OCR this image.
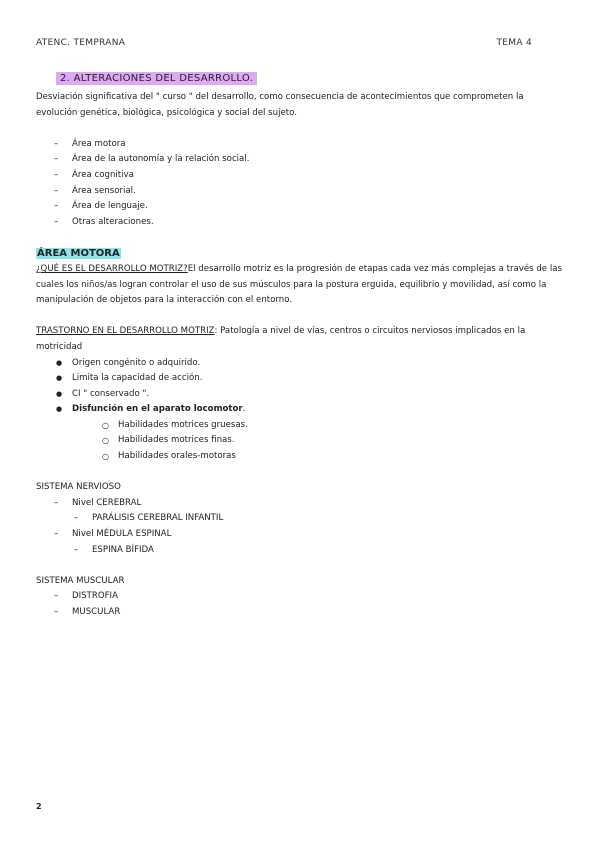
ATENC. TEMPRANA	TEMA 4
2. ALTERACIONES DEL DESARROLLO.

Desviación significativa del " curso " del desarrollo, como consecuencia de acontecimientos que comprometen la evolución genética, biológica, psicológica y social del sujeto.

– Área motora
– Área de la autonomía y la relación social.
– Área cognitiva
– Área sensorial.
– Área de lenguaje.
– Otras alteraciones.
ÁREA MOTORA

¿QUÉ ES EL DESARROLLO MOTRIZ?El desarrollo motriz es la progresión de etapas cada vez más complejas a través de las cuales los niños/as logran controlar el uso de sus músculos para la postura erguida, equilibrio y movilidad, así como la manipulación de objetos para la interacción con el entorno.

TRASTORNO EN EL DESARROLLO MOTRIZ: Patología a nivel de vías, centros o circuitos nerviosos implicados en la motricidad

● Origen congénito o adquirido.
● Limita la capacidad de acción.
● CI " conservado ".
● Disfunción en el aparato locomotor.
○ Habilidades motrices gruesas.
○ Habilidades motrices finas.
○ Habilidades orales-motoras

SISTEMA NERVIOSO

– Nivel CEREBRAL
– PARÁLISIS CEREBRAL INFANTIL
– Nivel MÉDULA ESPINAL
– ESPINA BÍFIDA

SISTEMA MUSCULAR

– DISTROFIA
– MUSCULAR
2
